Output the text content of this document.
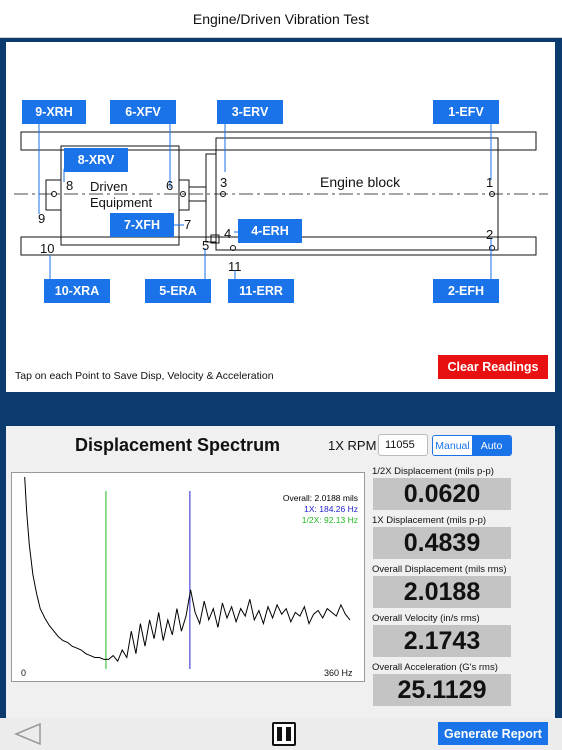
Engine/Driven Vibration Test
Driven
Equipment
Engine block	1
2
3
4
5
6
7
8
9
10
11
9-XRH	6-XFV	3-ERV	1-EFV
8-XRV
7-XFH	4-ERH
10-XRA	5-ERA	11-ERR	2-EFH
Tap on each Point to Save Disp, Velocity & Acceleration
Clear Readings
Displacement Spectrum	1X RPM
11055	Manual	Auto
Overall: 2.0188 mils
1X: 184.26 Hz
1/2X: 92.13 Hz
0	360 Hz
1/2X Displacement (mils p-p)
0.0620
1X Displacement (mils p-p)
0.4839
Overall Displacement (mils rms)
2.0188
Overall Velocity (in/s rms)
2.1743
Overall Acceleration (G's rms)
25.1129
Generate Report
